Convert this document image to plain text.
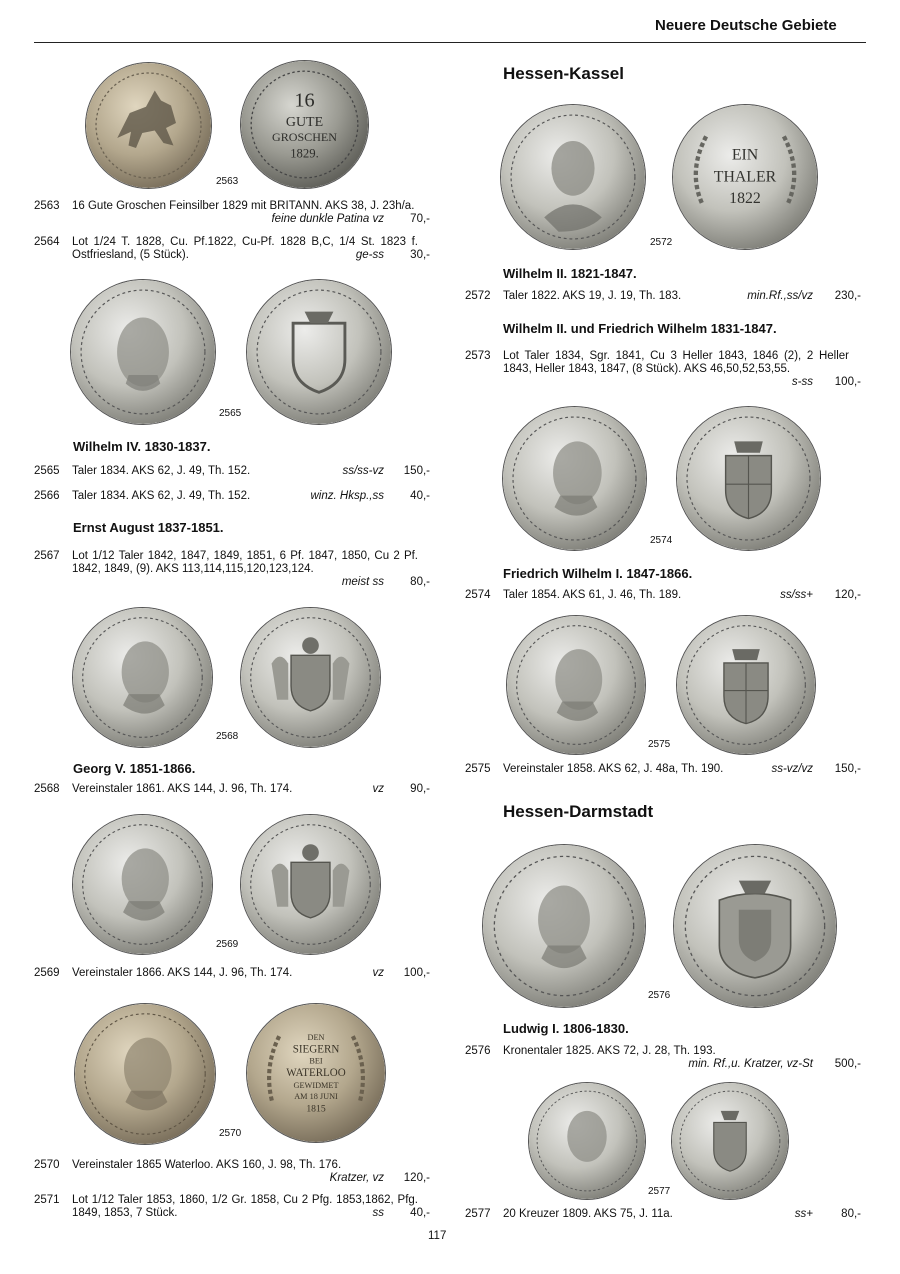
Neuere Deutsche Gebiete
16
GUTE
GROSCHEN
1829.
2563
2563 16 Gute Groschen Feinsilber 1829 mit BRITANN. AKS 38, J. 23h/a.
feine dunkle Patina vz 70,-
2564 Lot 1/24 T. 1828, Cu. Pf.1822, Cu-Pf. 1828 B,C, 1/4 St. 1823 f. Ostfriesland, (5 Stück).	ge-ss 30,-
2565
Wilhelm IV. 1830-1837.
2565 Taler 1834. AKS 62, J. 49, Th. 152.	ss/ss-vz 150,-
2566 Taler 1834. AKS 62, J. 49, Th. 152.	winz. Hksp.,ss 40,-
Ernst August 1837-1851.
2567 Lot 1/12 Taler 1842, 1847, 1849, 1851, 6 Pf. 1847, 1850, Cu 2 Pf. 1842, 1849, (9). AKS 113,114,115,120,123,124.
meist ss 80,-
2568
Georg V. 1851-1866.
2568 Vereinstaler 1861. AKS 144, J. 96, Th. 174.	vz 90,-
2569
2569 Vereinstaler 1866. AKS 144, J. 96, Th. 174.	vz 100,-
DEN
SIEGERN
BEI
WATERLOO
GEWIDMET
AM 18 JUNI
1815
2570
2570 Vereinstaler 1865 Waterloo. AKS 160, J. 98, Th. 176.
Kratzer, vz 120,-
2571 Lot 1/12 Taler 1853, 1860, 1/2 Gr. 1858, Cu 2 Pfg. 1853,1862, Pfg. 1849, 1853, 7 Stück.	ss 40,-
Hessen-Kassel
EIN
THALER
1822
2572
Wilhelm II. 1821-1847.
2572 Taler 1822. AKS 19, J. 19, Th. 183.	min.Rf.,ss/vz 230,-
Wilhelm II. und Friedrich Wilhelm 1831-1847.
2573 Lot Taler 1834, Sgr. 1841, Cu 3 Heller 1843, 1846 (2), 2 Heller 1843, Heller 1843, 1847, (8 Stück). AKS 46,50,52,53,55.
s-ss 100,-
2574
Friedrich Wilhelm I. 1847-1866.
2574 Taler 1854. AKS 61, J. 46, Th. 189.	ss/ss+ 120,-
2575
2575 Vereinstaler 1858. AKS 62, J. 48a, Th. 190.	ss-vz/vz 150,-
Hessen-Darmstadt
2576
Ludwig I. 1806-1830.
2576 Kronentaler 1825. AKS 72, J. 28, Th. 193.
min. Rf.,u. Kratzer, vz-St 500,-
2577
2577 20 Kreuzer 1809. AKS 75, J. 11a.	ss+ 80,-
117
